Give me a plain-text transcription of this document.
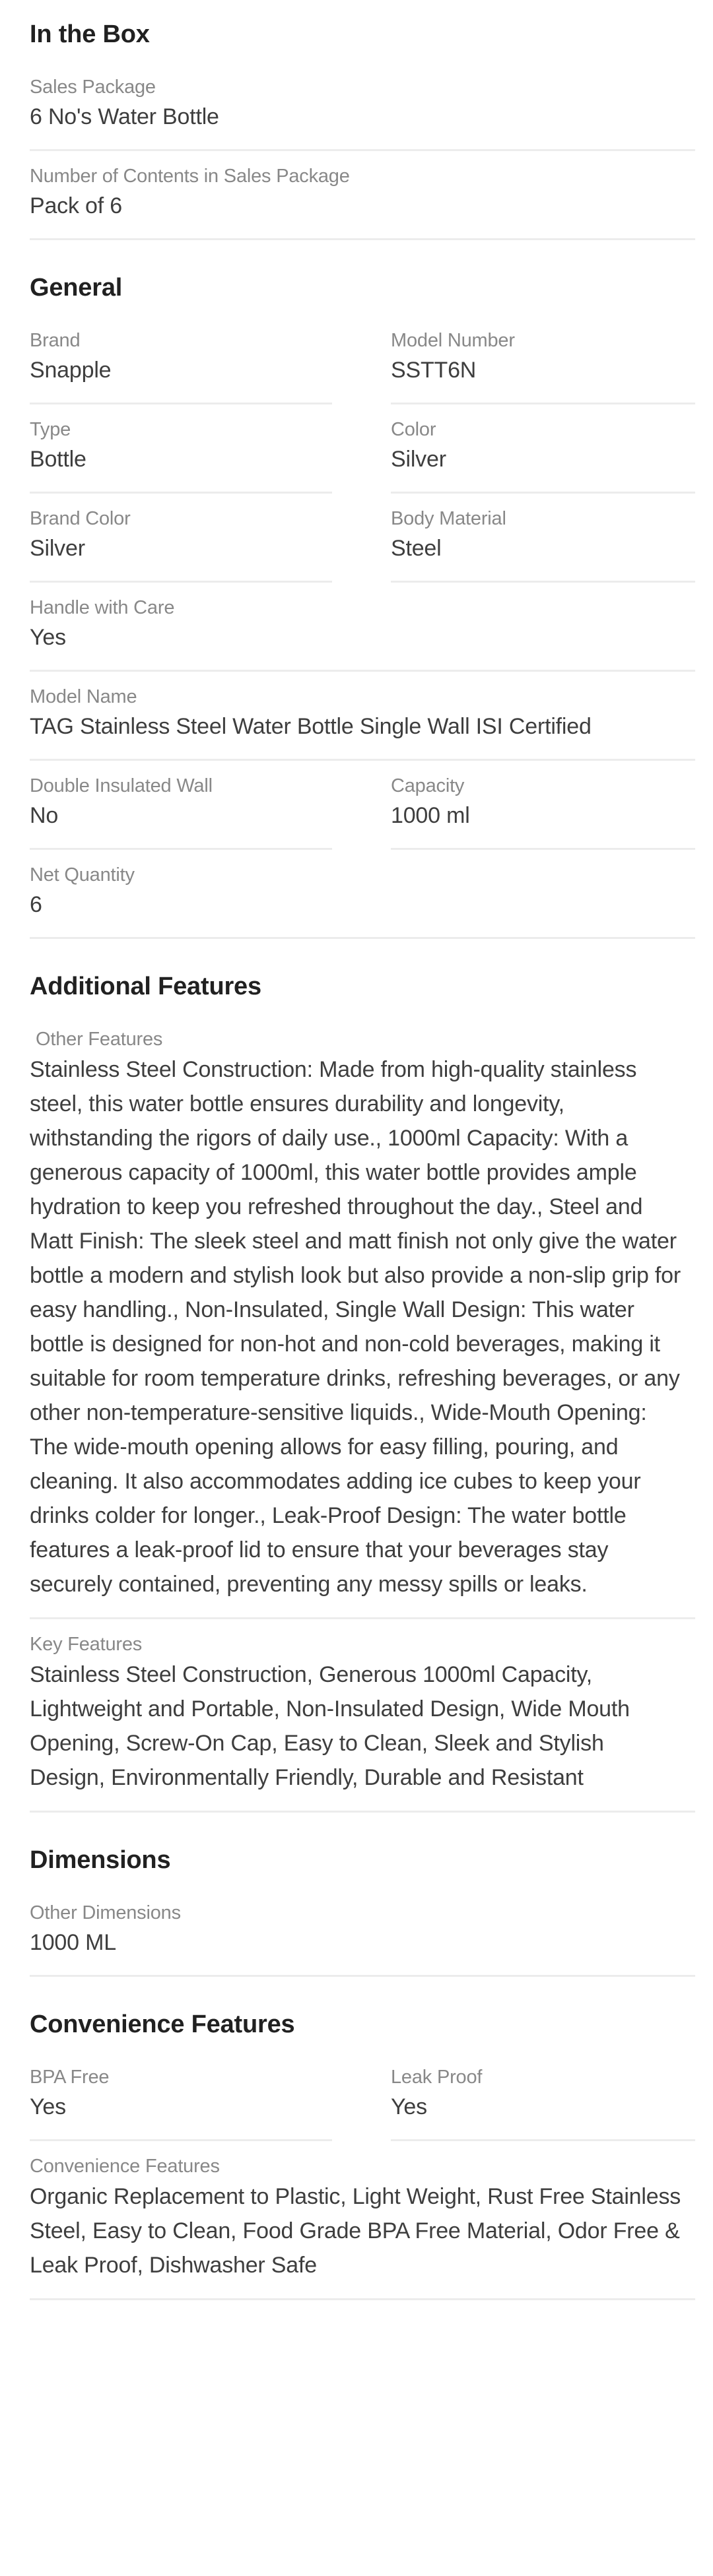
In the Box
Sales Package
6 No's Water Bottle
Number of Contents in Sales Package
Pack of 6
General
Brand
Snapple
Model Number
SSTT6N
Type
Bottle
Color
Silver
Brand Color
Silver
Body Material
Steel
Handle with Care
Yes
Model Name
TAG Stainless Steel Water Bottle Single Wall ISI Certified
Double Insulated Wall
No
Capacity
1000 ml
Net Quantity
6
Additional Features
Other Features
Stainless Steel Construction: Made from high-quality stainless steel, this water bottle ensures durability and longevity, withstanding the rigors of daily use., 1000ml Capacity: With a generous capacity of 1000ml, this water bottle provides ample hydration to keep you refreshed throughout the day., Steel and Matt Finish: The sleek steel and matt finish not only give the water bottle a modern and stylish look but also provide a non-slip grip for easy handling., Non-Insulated, Single Wall Design: This water bottle is designed for non-hot and non-cold beverages, making it suitable for room temperature drinks, refreshing beverages, or any other non-temperature-sensitive liquids., Wide-Mouth Opening: The wide-mouth opening allows for easy filling, pouring, and cleaning. It also accommodates adding ice cubes to keep your drinks colder for longer., Leak-Proof Design: The water bottle features a leak-proof lid to ensure that your beverages stay securely contained, preventing any messy spills or leaks.
Key Features
Stainless Steel Construction, Generous 1000ml Capacity, Lightweight and Portable, Non-Insulated Design, Wide Mouth Opening, Screw-On Cap, Easy to Clean, Sleek and Stylish Design, Environmentally Friendly, Durable and Resistant
Dimensions
Other Dimensions
1000 ML
Convenience Features
BPA Free
Yes
Leak Proof
Yes
Convenience Features
Organic Replacement to Plastic, Light Weight, Rust Free Stainless Steel, Easy to Clean, Food Grade BPA Free Material, Odor Free & Leak Proof, Dishwasher Safe
